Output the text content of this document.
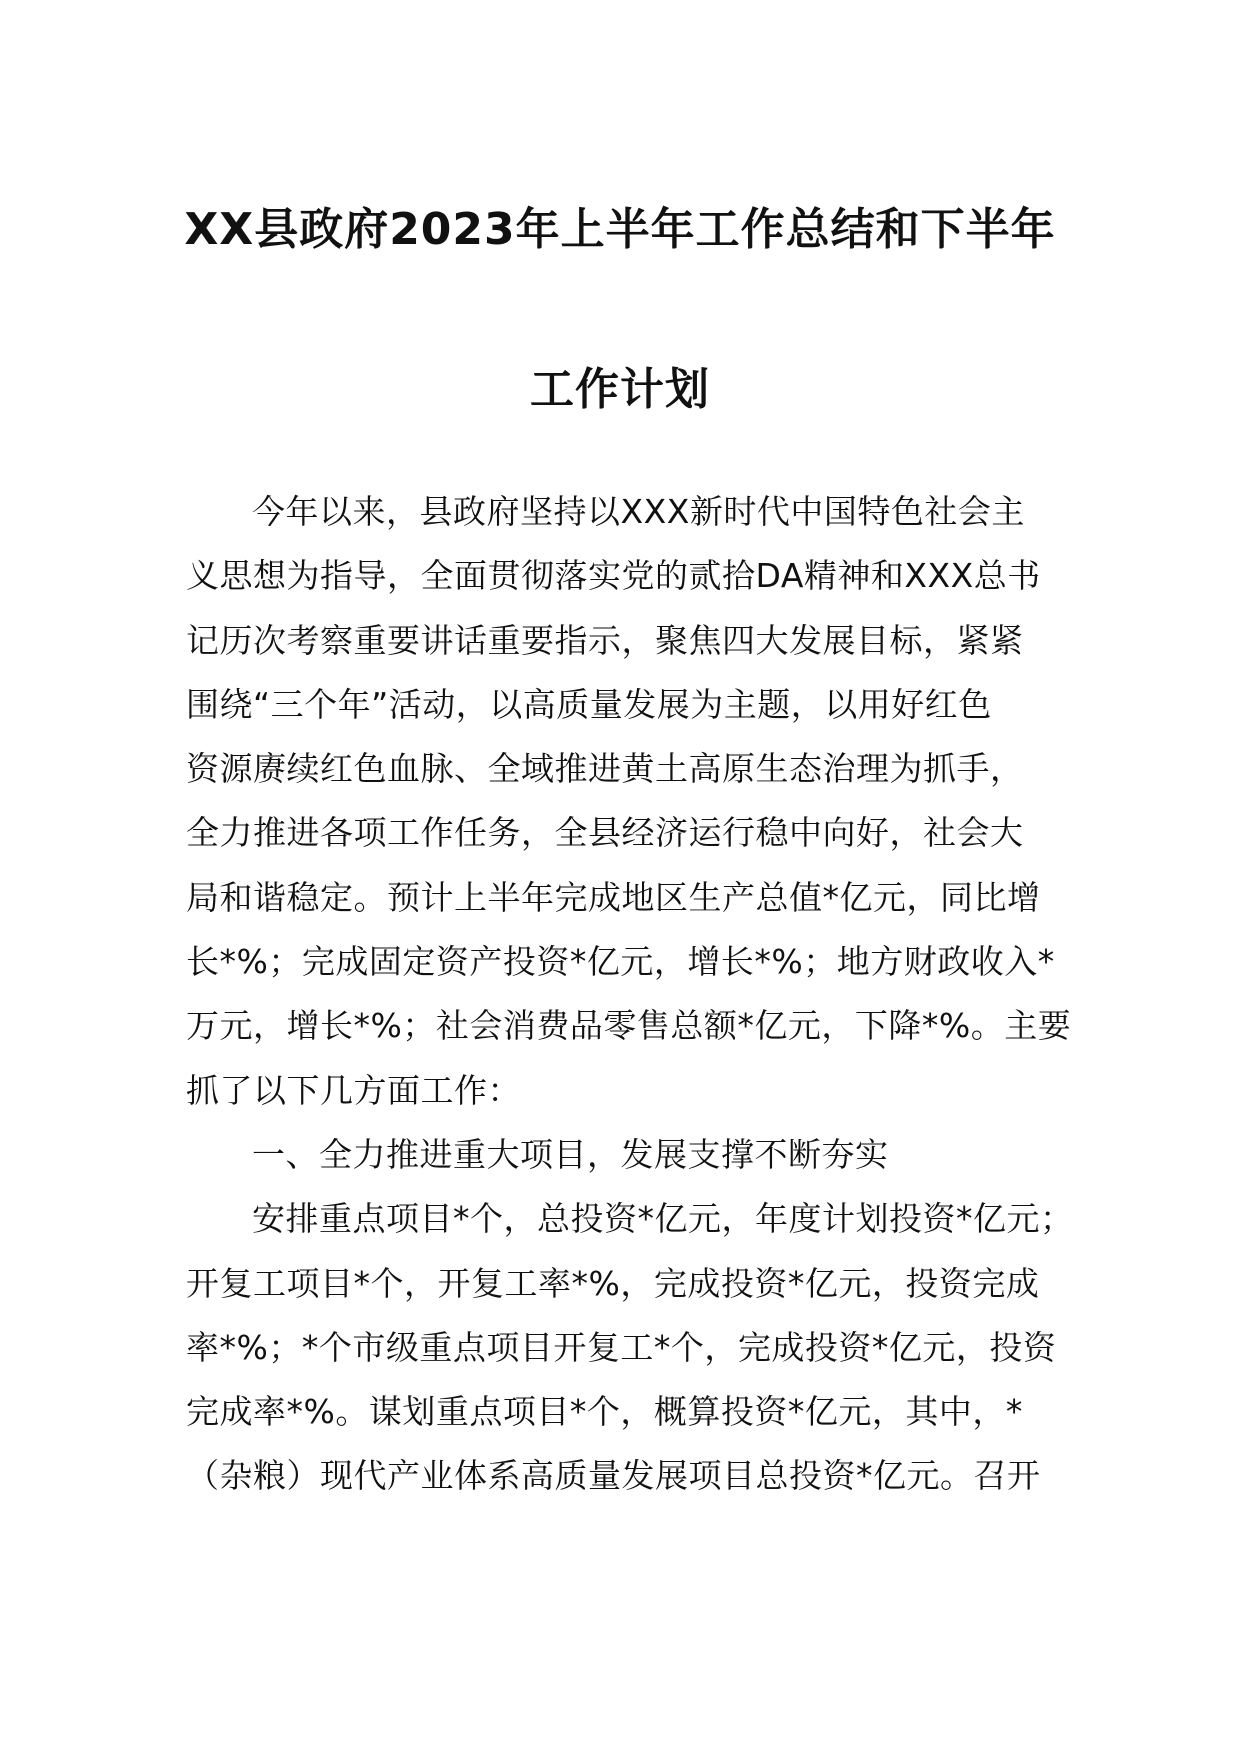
XX县政府2023年上半年工作总结和下半年
工作计划
今年以来，县政府坚持以XXX新时代中国特色社会主
义思想为指导，全面贯彻落实党的贰拾DA精神和XXX总书
记历次考察重要讲话重要指示，聚焦四大发展目标，紧紧
围绕“三个年”活动，以高质量发展为主题，以用好红色
资源赓续红色血脉、全域推进黄土高原生态治理为抓手，
全力推进各项工作任务，全县经济运行稳中向好，社会大
局和谐稳定。预计上半年完成地区生产总值*亿元，同比增
长*%；完成固定资产投资*亿元，增长*%；地方财政收入*
万元，增长*%；社会消费品零售总额*亿元，下降*%。主要
抓了以下几方面工作：
一、全力推进重大项目，发展支撑不断夯实
安排重点项目*个，总投资*亿元，年度计划投资*亿元；
开复工项目*个，开复工率*%，完成投资*亿元，投资完成
率*%；*个市级重点项目开复工*个，完成投资*亿元，投资
完成率*%。谋划重点项目*个，概算投资*亿元，其中，*
（杂粮）现代产业体系高质量发展项目总投资*亿元。召开
